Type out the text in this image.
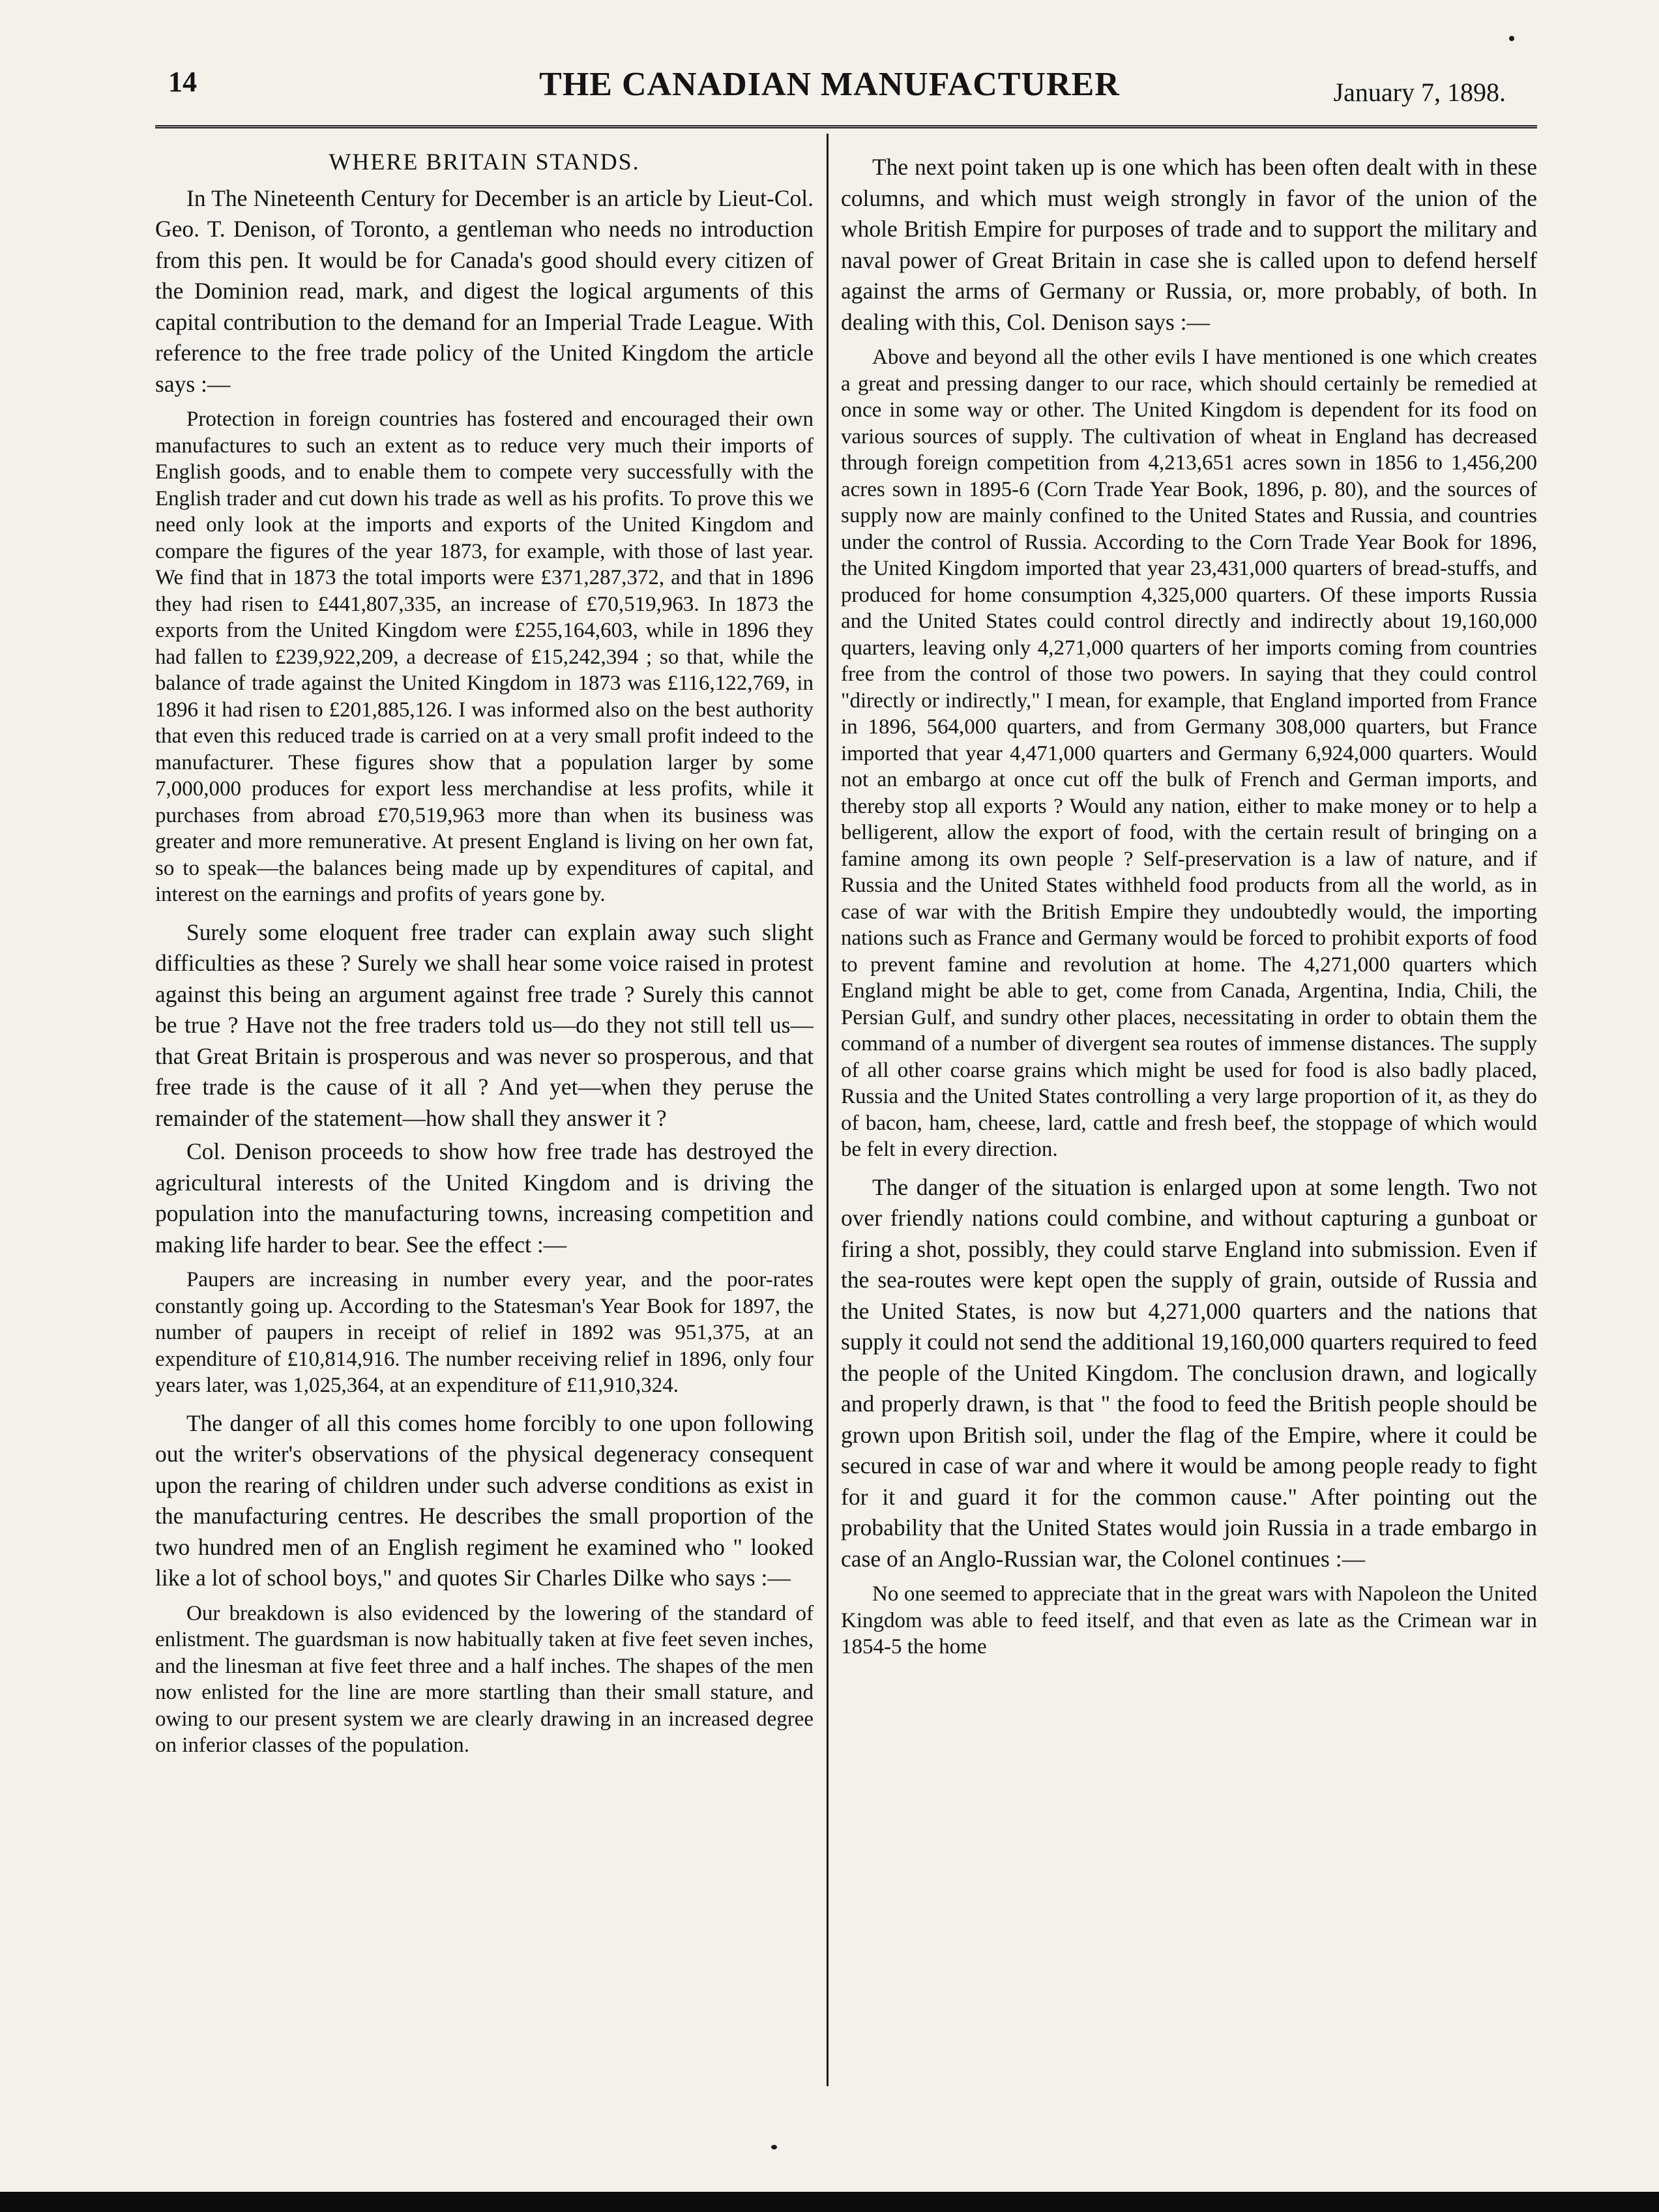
14	THE CANADIAN MANUFACTURER	January 7, 1898.
WHERE BRITAIN STANDS.

In The Nineteenth Century for December is an article by Lieut-Col. Geo. T. Denison, of Toronto, a gentleman who needs no introduction from this pen. It would be for Canada's good should every citizen of the Dominion read, mark, and digest the logical arguments of this capital contribution to the demand for an Imperial Trade League. With reference to the free trade policy of the United Kingdom the article says :—

Protection in foreign countries has fostered and encouraged their own manufactures to such an extent as to reduce very much their imports of English goods, and to enable them to compete very successfully with the English trader and cut down his trade as well as his profits. To prove this we need only look at the imports and exports of the United Kingdom and compare the figures of the year 1873, for example, with those of last year. We find that in 1873 the total imports were £371,287,372, and that in 1896 they had risen to £441,807,335, an increase of £70,519,963. In 1873 the exports from the United Kingdom were £255,164,603, while in 1896 they had fallen to £239,922,209, a decrease of £15,242,394 ; so that, while the balance of trade against the United Kingdom in 1873 was £116,122,769, in 1896 it had risen to £201,885,126. I was informed also on the best authority that even this reduced trade is carried on at a very small profit indeed to the manufacturer. These figures show that a population larger by some 7,000,000 produces for export less merchandise at less profits, while it purchases from abroad £70,519,963 more than when its business was greater and more remunerative. At present England is living on her own fat, so to speak—the balances being made up by expenditures of capital, and interest on the earnings and profits of years gone by.

Surely some eloquent free trader can explain away such slight difficulties as these ? Surely we shall hear some voice raised in protest against this being an argument against free trade ? Surely this cannot be true ? Have not the free traders told us—do they not still tell us—that Great Britain is prosperous and was never so prosperous, and that free trade is the cause of it all ? And yet—when they peruse the remainder of the statement—how shall they answer it ?

Col. Denison proceeds to show how free trade has destroyed the agricultural interests of the United Kingdom and is driving the population into the manufacturing towns, increasing competition and making life harder to bear. See the effect :—

Paupers are increasing in number every year, and the poor-rates constantly going up. According to the Statesman's Year Book for 1897, the number of paupers in receipt of relief in 1892 was 951,375, at an expenditure of £10,814,916. The number receiving relief in 1896, only four years later, was 1,025,364, at an expenditure of £11,910,324.

The danger of all this comes home forcibly to one upon following out the writer's observations of the physical degeneracy consequent upon the rearing of children under such adverse conditions as exist in the manufacturing centres. He describes the small proportion of the two hundred men of an English regiment he examined who " looked like a lot of school boys," and quotes Sir Charles Dilke who says :—

Our breakdown is also evidenced by the lowering of the standard of enlistment. The guardsman is now habitually taken at five feet seven inches, and the linesman at five feet three and a half inches. The shapes of the men now enlisted for the line are more startling than their small stature, and owing to our present system we are clearly drawing in an increased degree on inferior classes of the population.

The next point taken up is one which has been often dealt with in these columns, and which must weigh strongly in favor of the union of the whole British Empire for purposes of trade and to support the military and naval power of Great Britain in case she is called upon to defend herself against the arms of Germany or Russia, or, more probably, of both. In dealing with this, Col. Denison says :—

Above and beyond all the other evils I have mentioned is one which creates a great and pressing danger to our race, which should certainly be remedied at once in some way or other. The United Kingdom is dependent for its food on various sources of supply. The cultivation of wheat in England has decreased through foreign competition from 4,213,651 acres sown in 1856 to 1,456,200 acres sown in 1895-6 (Corn Trade Year Book, 1896, p. 80), and the sources of supply now are mainly confined to the United States and Russia, and countries under the control of Russia. According to the Corn Trade Year Book for 1896, the United Kingdom imported that year 23,431,000 quarters of bread-stuffs, and produced for home consumption 4,325,000 quarters. Of these imports Russia and the United States could control directly and indirectly about 19,160,000 quarters, leaving only 4,271,000 quarters of her imports coming from countries free from the control of those two powers. In saying that they could control "directly or indirectly," I mean, for example, that England imported from France in 1896, 564,000 quarters, and from Germany 308,000 quarters, but France imported that year 4,471,000 quarters and Germany 6,924,000 quarters. Would not an embargo at once cut off the bulk of French and German imports, and thereby stop all exports ? Would any nation, either to make money or to help a belligerent, allow the export of food, with the certain result of bringing on a famine among its own people ? Self-preservation is a law of nature, and if Russia and the United States withheld food products from all the world, as in case of war with the British Empire they undoubtedly would, the importing nations such as France and Germany would be forced to prohibit exports of food to prevent famine and revolution at home. The 4,271,000 quarters which England might be able to get, come from Canada, Argentina, India, Chili, the Persian Gulf, and sundry other places, necessitating in order to obtain them the command of a number of divergent sea routes of immense distances. The supply of all other coarse grains which might be used for food is also badly placed, Russia and the United States controlling a very large proportion of it, as they do of bacon, ham, cheese, lard, cattle and fresh beef, the stoppage of which would be felt in every direction.

The danger of the situation is enlarged upon at some length. Two not over friendly nations could combine, and without capturing a gunboat or firing a shot, possibly, they could starve England into submission. Even if the sea-routes were kept open the supply of grain, outside of Russia and the United States, is now but 4,271,000 quarters and the nations that supply it could not send the additional 19,160,000 quarters required to feed the people of the United Kingdom. The conclusion drawn, and logically and properly drawn, is that " the food to feed the British people should be grown upon British soil, under the flag of the Empire, where it could be secured in case of war and where it would be among people ready to fight for it and guard it for the common cause." After pointing out the probability that the United States would join Russia in a trade embargo in case of an Anglo-Russian war, the Colonel continues :—

No one seemed to appreciate that in the great wars with Napoleon the United Kingdom was able to feed itself, and that even as late as the Crimean war in 1854-5 the home
